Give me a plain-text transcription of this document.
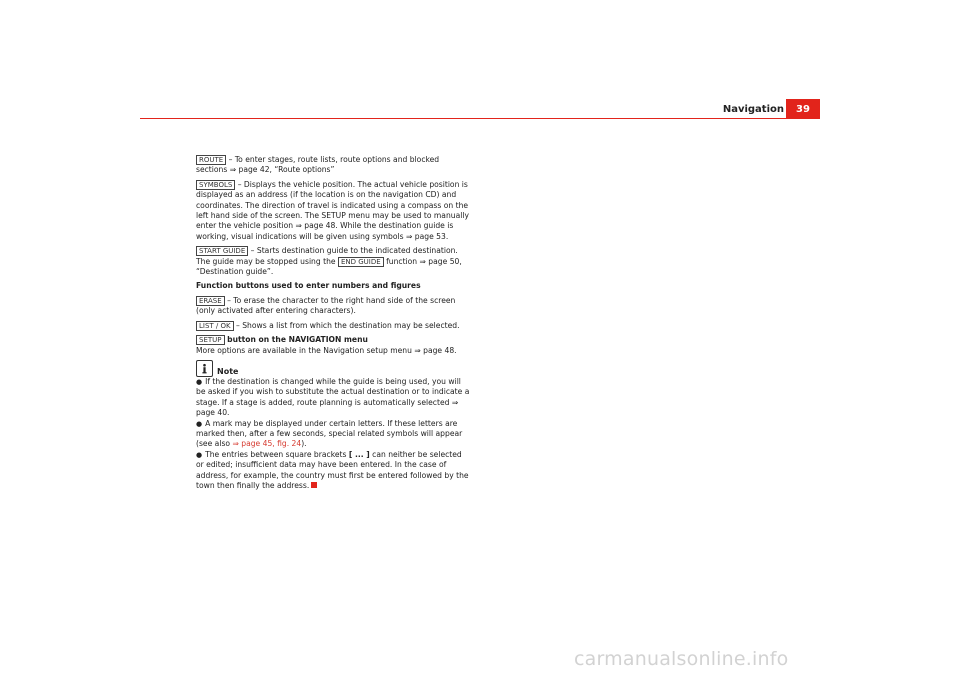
Navigation	39

ROUTE – To enter stages, route lists, route options and blocked sections ⇒ page 42, “Route options”

SYMBOLS – Displays the vehicle position. The actual vehicle position is displayed as an address (if the location is on the navigation CD) and coordinates. The direction of travel is indicated using a compass on the left hand side of the screen. The SETUP menu may be used to manually enter the vehicle position ⇒ page 48. While the destination guide is working, visual indications will be given using symbols ⇒ page 53.

START GUIDE – Starts destination guide to the indicated destination. The guide may be stopped using the END GUIDE function ⇒ page 50, “Destination guide”.

Function buttons used to enter numbers and figures

ERASE – To erase the character to the right hand side of the screen (only activated after entering characters).

LIST / OK – Shows a list from which the destination may be selected.

SETUP button on the NAVIGATION menu

More options are available in the Navigation setup menu ⇒ page 48.

Note

● If the destination is changed while the guide is being used, you will be asked if you wish to substitute the actual destination or to indicate a stage. If a stage is added, route planning is automatically selected ⇒ page 40.

● A mark may be displayed under certain letters. If these letters are marked then, after a few seconds, special related symbols will appear (see also ⇒ page 45, fig. 24).

● The entries between square brackets [ ... ] can neither be selected or edited; insufficient data may have been entered. In the case of address, for example, the country must first be entered followed by the town then finally the address.

carmanualsonline.info
